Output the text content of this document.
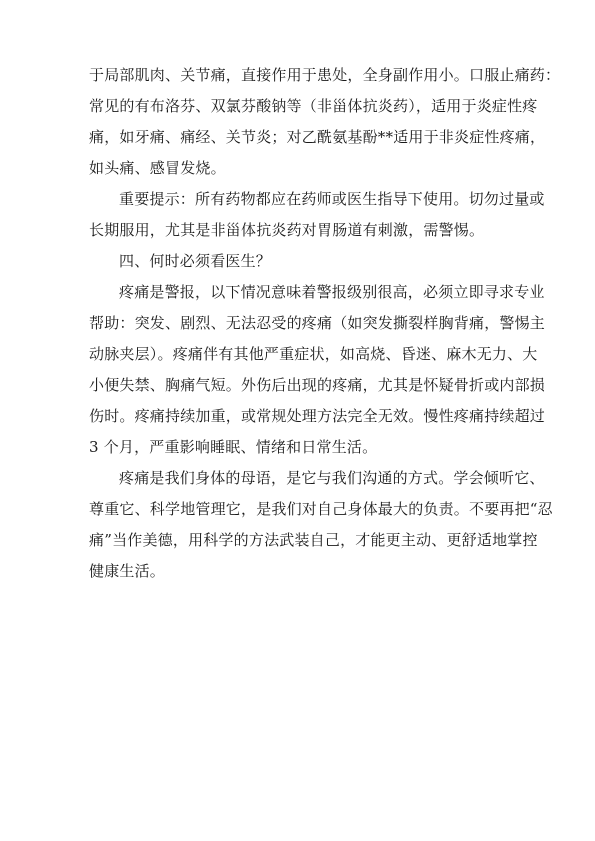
于局部肌肉、关节痛，直接作用于患处，全身副作用小。口服止痛药：
常见的有布洛芬、双氯芬酸钠等（非甾体抗炎药），适用于炎症性疼
痛，如牙痛、痛经、关节炎；对乙酰氨基酚**适用于非炎症性疼痛，
如头痛、感冒发烧。

重要提示：所有药物都应在药师或医生指导下使用。切勿过量或
长期服用，尤其是非甾体抗炎药对胃肠道有刺激，需警惕。

四、何时必须看医生？

疼痛是警报，以下情况意味着警报级别很高，必须立即寻求专业
帮助：突发、剧烈、无法忍受的疼痛（如突发撕裂样胸背痛，警惕主
动脉夹层）。疼痛伴有其他严重症状，如高烧、昏迷、麻木无力、大
小便失禁、胸痛气短。外伤后出现的疼痛，尤其是怀疑骨折或内部损
伤时。疼痛持续加重，或常规处理方法完全无效。慢性疼痛持续超过
3 个月，严重影响睡眠、情绪和日常生活。

疼痛是我们身体的母语，是它与我们沟通的方式。学会倾听它、
尊重它、科学地管理它，是我们对自己身体最大的负责。不要再把“忍
痛”当作美德，用科学的方法武装自己，才能更主动、更舒适地掌控
健康生活。
